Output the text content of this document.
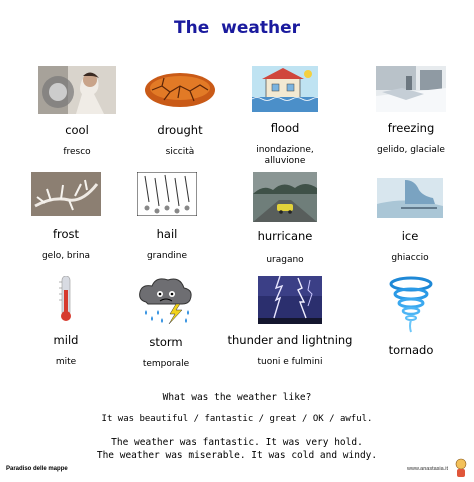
The weather
cool
fresco
drought
siccità
flood
inondazione, alluvione
freezing
gelido, glaciale
frost
gelo, brina
hail
grandine
hurricane
uragano
ice
ghiaccio
mild
mite
storm
temporale
thunder and lightning
tuoni e fulmini
tornado
What was the weather like?
It was beautiful / fantastic / great / OK / awful.
The weather was fantastic. It was very hold.
The weather was miserable. It was cold and windy.
Paradiso delle mappe	www.anastasia.it
